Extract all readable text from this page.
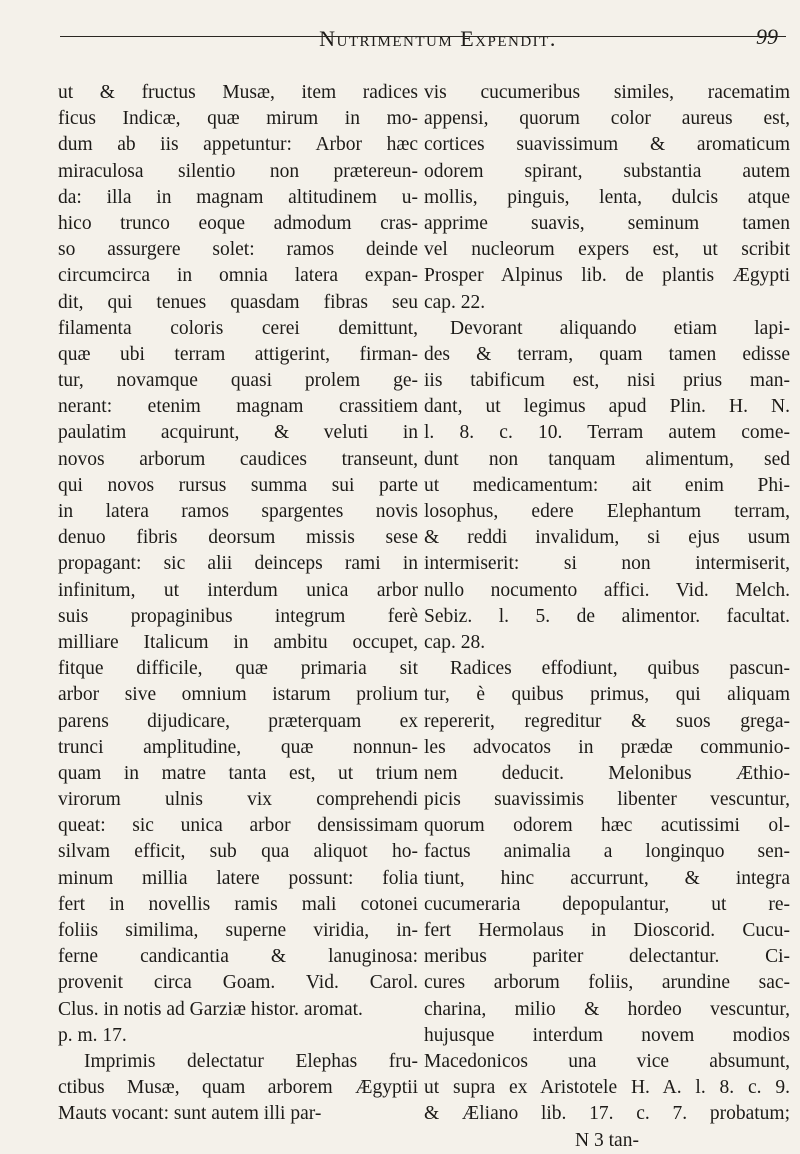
Nutrimentum Expendit.	99
ut & fructus Musæ, item radices
ficus Indicæ, quæ mirum in mo-
dum ab iis appetuntur: Arbor hæc
miraculosa silentio non prætereun-
da: illa in magnam altitudinem u-
hico trunco eoque admodum cras-
so assurgere solet: ramos deinde
circumcirca in omnia latera expan-
dit, qui tenues quasdam fibras seu
filamenta coloris cerei demittunt,
quæ ubi terram attigerint, firman-
tur, novamque quasi prolem ge-
nerant: etenim magnam crassitiem
paulatim acquirunt, & veluti in
novos arborum caudices transeunt,
qui novos rursus summa sui parte
in latera ramos spargentes novis
denuo fibris deorsum missis sese
propagant: sic alii deinceps rami in
infinitum, ut interdum unica arbor
suis propaginibus integrum ferè
milliare Italicum in ambitu occupet,
fitque difficile, quæ primaria sit
arbor sive omnium istarum prolium
parens dijudicare, præterquam ex
trunci amplitudine, quæ nonnun-
quam in matre tanta est, ut trium
virorum ulnis vix comprehendi
queat: sic unica arbor densissimam
silvam efficit, sub qua aliquot ho-
minum millia latere possunt: folia
fert in novellis ramis mali cotonei
foliis similima, superne viridia, in-
ferne candicantia & lanuginosa:
provenit circa Goam. Vid. Carol.
Clus. in notis ad Garziæ histor. aromat.
p. m. 17.
Imprimis delectatur Elephas fru-
ctibus Musæ, quam arborem Ægyptii
Mauts vocant: sunt autem illi par-
vis cucumeribus similes, racematim
appensi, quorum color aureus est,
cortices suavissimum & aromaticum
odorem spirant, substantia autem
mollis, pinguis, lenta, dulcis atque
apprime suavis, seminum tamen
vel nucleorum expers est, ut scribit
Prosper Alpinus lib. de plantis Ægypti
cap. 22.
Devorant aliquando etiam lapi-
des & terram, quam tamen edisse
iis tabificum est, nisi prius man-
dant, ut legimus apud Plin. H. N.
l. 8. c. 10. Terram autem come-
dunt non tanquam alimentum, sed
ut medicamentum: ait enim Phi-
losophus, edere Elephantum terram,
& reddi invalidum, si ejus usum
intermiserit: si non intermiserit,
nullo nocumento affici. Vid. Melch.
Sebiz. l. 5. de alimentor. facultat.
cap. 28.
Radices effodiunt, quibus pascun-
tur, è quibus primus, qui aliquam
repererit, regreditur & suos grega-
les advocatos in prædæ communio-
nem deducit. Melonibus Æthio-
picis suavissimis libenter vescuntur,
quorum odorem hæc acutissimi ol-
factus animalia a longinquo sen-
tiunt, hinc accurrunt, & integra
cucumeraria depopulantur, ut re-
fert Hermolaus in Dioscorid. Cucu-
meribus pariter delectantur. Ci-
cures arborum foliis, arundine sac-
charina, milio & hordeo vescuntur,
hujusque interdum novem modios
Macedonicos una vice absumunt,
ut supra ex Aristotele H. A. l. 8. c. 9.
& Æliano lib. 17. c. 7. probatum;
N 3 tan-
